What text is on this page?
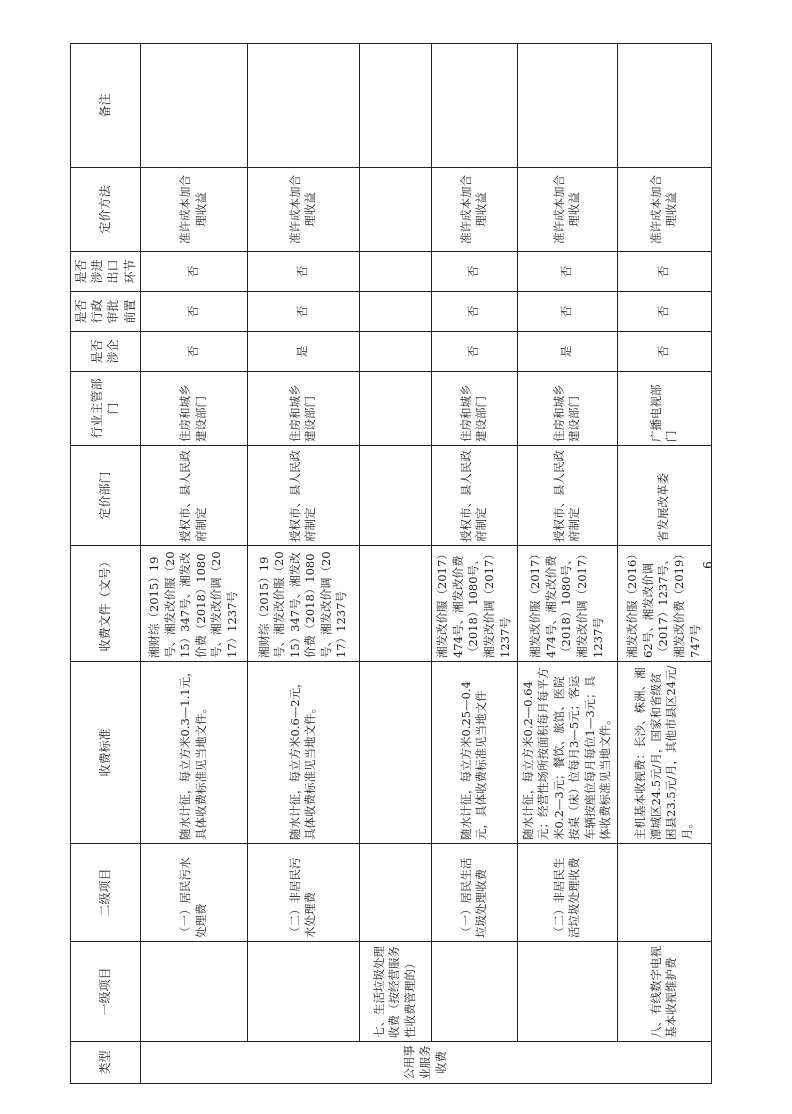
类型	一级项目	二级项目	收费标准	收费文件（文号）	定价部门	行业主管部门	是否涉企	是否行政审批前置	是否涉进出口环节	定价方法	备注
公用事业服务收费		（一）居民污水处理费	随水计征，每立方米0.3—1.1元，具体收费标准见当地文件。	湘财综（2015）19号、湘发改价服（2015）347号、湘发改价费（2018）1080号、湘发改价调（2017）1237号	授权市、县人民政府制定	住房和城乡建设部门	否	否	否	准许成本加合理收益	
		（二）非居民污水处理费	随水计征，每立方米0.6—2元，具体收费标准见当地文件。	湘财综（2015）19号、湘发改价服（2015）347号、湘发改价费（2018）1080号、湘发改价调（2017）1237号	授权市、县人民政府制定	住房和城乡建设部门	是	否	否	准许成本加合理收益	
	七、生活垃圾处理收费（按经营服务性收费管理的）										
		（一）居民生活垃圾处理收费	随水计征，每立方米0.25—0.4元，具体收费标准见当地文件	湘发改价服（2017）474号、湘发改价费（2018）1080号、湘发改价调（2017）1237号	授权市、县人民政府制定	住房和城乡建设部门	否	否	否	准许成本加合理收益	
		（二）非居民生活垃圾处理收费	随水计征，每立方米0.2—0.64元；经营性场所按面积每月每平方米0.2—3元；餐饮、旅馆、医院按桌（床）位每月3—5元；客运车辆按座位每月每位1—3元；具体收费标准见当地文件。	湘发改价服（2017）474号、湘发改价费（2018）1080号、湘发改价调（2017）1237号	授权市、县人民政府制定	住房和城乡建设部门	是	否	否	准许成本加合理收益	
	八、有线数字电视基本收视维护费		主机基本收视费：长沙、株洲、湘潭城区24.5元/月，国家和省级贫困县23.5元/月，其他市县区24元/月。	湘发改价服（2016）62号、湘发改价调（2017）1237号、湘发改价费（2019）747号	省发展改革委	广播电视部门	否	否	否	准许成本加合理收益	
6
